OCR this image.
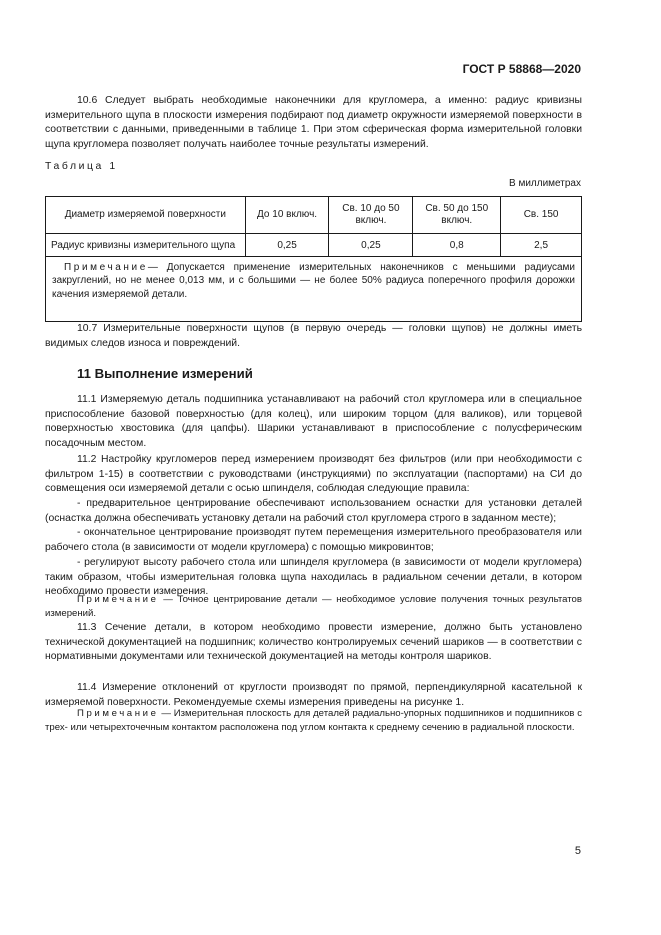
ГОСТ Р 58868—2020

10.6 Следует выбрать необходимые наконечники для кругломера, а именно: радиус кривизны измерительного щупа в плоскости измерения подбирают под диаметр окружности измеряемой поверхности в соответствии с данными, приведенными в таблице 1. При этом сферическая форма измерительной головки щупа кругломера позволяет получать наиболее точные результаты измерений.

Таблица 1
В миллиметрах
Диаметр измеряемой поверхности	До 10 включ.	Св. 10 до 50 включ.	Св. 50 до 150 включ.	Св. 150
Радиус кривизны измерительного щупа	0,25	0,25	0,8	2,5
Примечание— Допускается применение измерительных наконечников с меньшими радиусами закруглений, но не менее 0,013 мм, и с большими — не более 50% радиуса поперечного профиля дорожки качения измеряемой детали.				

10.7 Измерительные поверхности щупов (в первую очередь — головки щупов) не должны иметь видимых следов износа и повреждений.

11 Выполнение измерений

11.1 Измеряемую деталь подшипника устанавливают на рабочий стол кругломера или в специальное приспособление базовой поверхностью (для колец), или широким торцом (для валиков), или торцевой поверхностью хвостовика (для цапфы). Шарики устанавливают в приспособление с полусферическим посадочным местом.

11.2 Настройку кругломеров перед измерением производят без фильтров (или при необходимости с фильтром 1-15) в соответствии с руководствами (инструкциями) по эксплуатации (паспортами) на СИ до совмещения оси измеряемой детали с осью шпинделя, соблюдая следующие правила:

- предварительное центрирование обеспечивают использованием оснастки для установки деталей (оснастка должна обеспечивать установку детали на рабочий стол кругломера строго в заданном месте);

- окончательное центрирование производят путем перемещения измерительного преобразователя или рабочего стола (в зависимости от модели кругломера) с помощью микровинтов;

- регулируют высоту рабочего стола или шпинделя кругломера (в зависимости от модели кругломера) таким образом, чтобы измерительная головка щупа находилась в радиальном сечении детали, в котором необходимо провести измерения.

Примечание — Точное центрирование детали — необходимое условие получения точных результатов измерений.

11.3 Сечение детали, в котором необходимо провести измерение, должно быть установлено технической документацией на подшипник; количество контролируемых сечений шариков — в соответствии с нормативными документами или технической документацией на методы контроля шариков.

11.4 Измерение отклонений от круглости производят по прямой, перпендикулярной касательной к измеряемой поверхности. Рекомендуемые схемы измерения приведены на рисунке 1.

Примечание — Измерительная плоскость для деталей радиально-упорных подшипников и подшипников с трех- или четырехточечным контактом расположена под углом контакта к среднему сечению в радиальной плоскости.

5
